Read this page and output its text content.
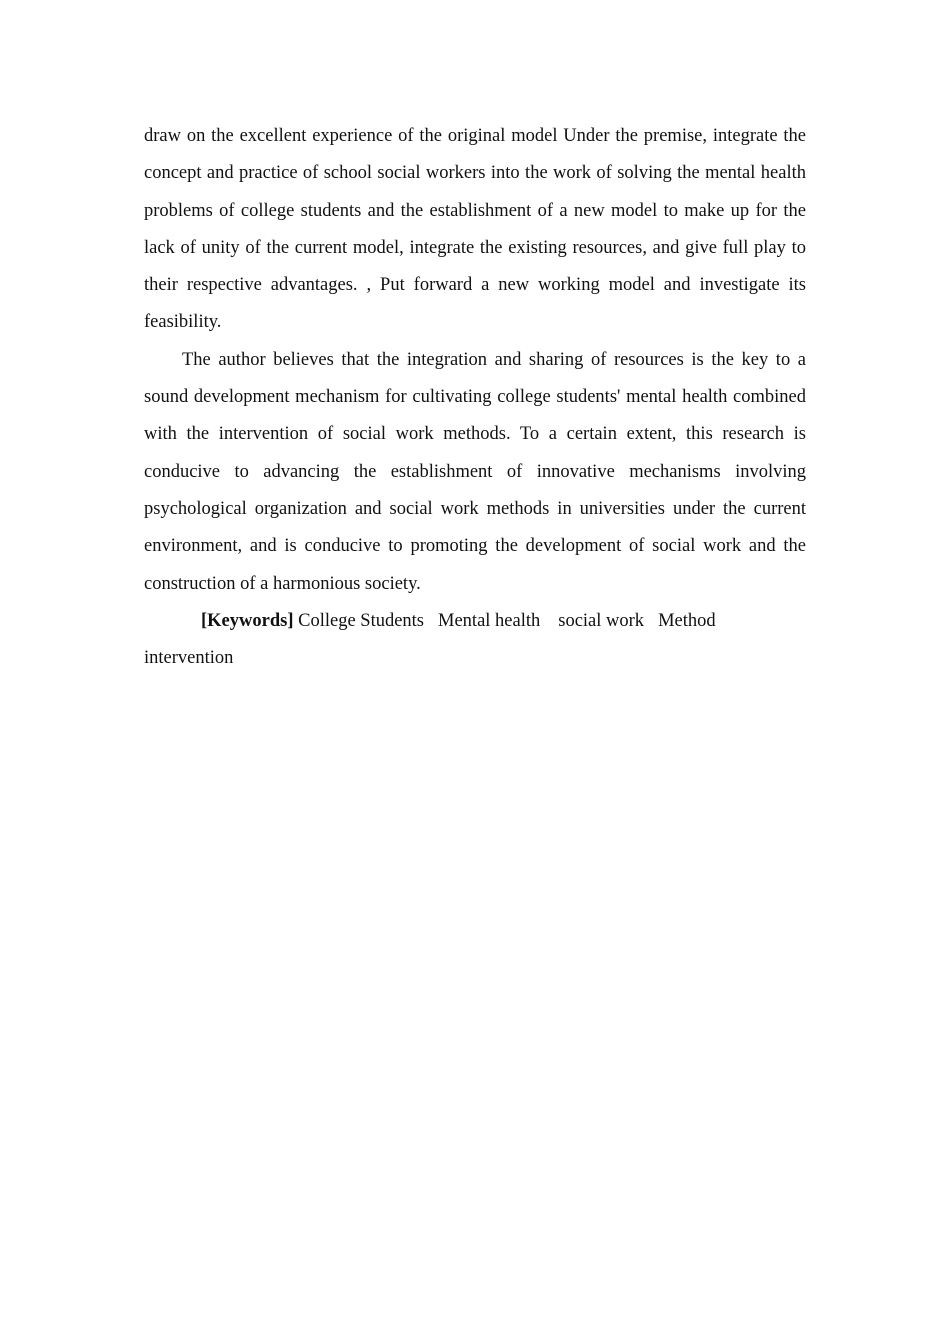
draw on the excellent experience of the original model Under the premise, integrate the concept and practice of school social workers into the work of solving the mental health problems of college students and the establishment of a new model to make up for the lack of unity of the current model, integrate the existing resources, and give full play to their respective advantages. , Put forward a new working model and investigate its feasibility.

The author believes that the integration and sharing of resources is the key to a sound development mechanism for cultivating college students' mental health combined with the intervention of social work methods. To a certain extent, this research is conducive to advancing the establishment of innovative mechanisms involving psychological organization and social work methods in universities under the current environment, and is conducive to promoting the development of social work and the construction of a harmonious society.

[Keywords] College Students Mental health social work Method intervention
